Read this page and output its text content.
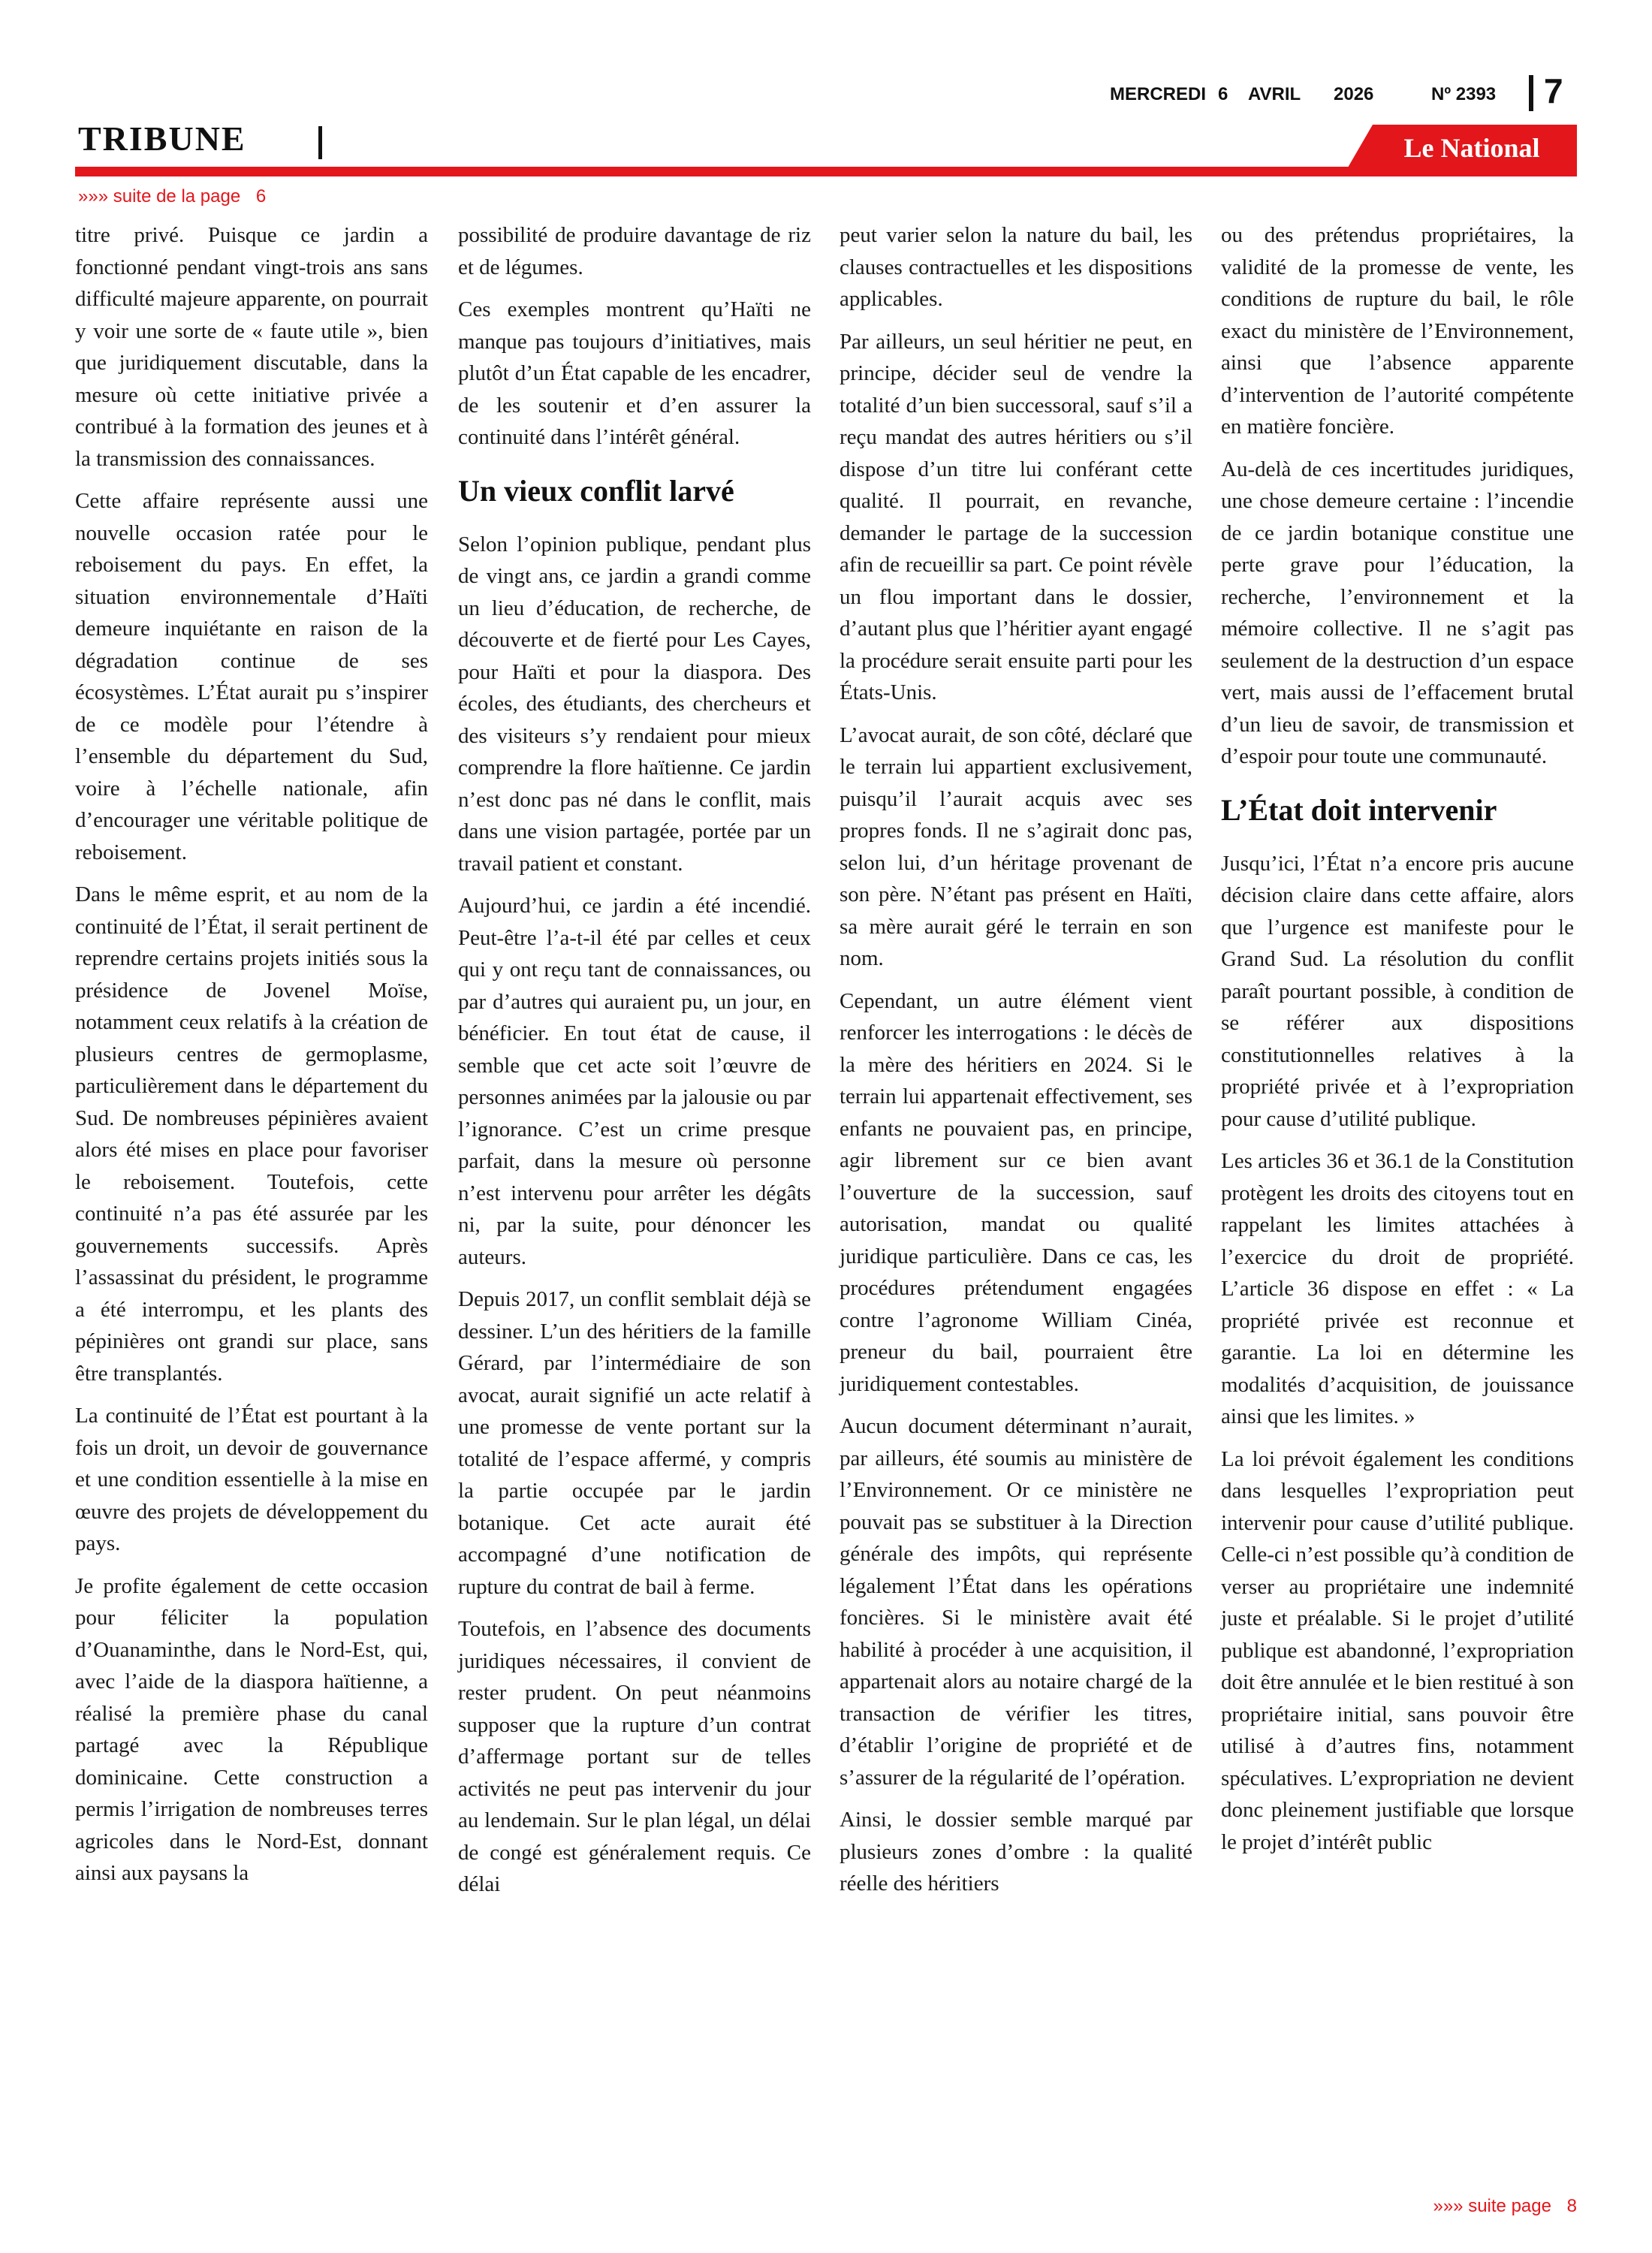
MERCREDI 6 AVRIL 2026	Nº 2393 7
TRIBUNE	Le National
»»» suite de la page 6

titre privé. Puisque ce jardin a fonctionné pendant vingt-trois ans sans difficulté majeure apparente, on pourrait y voir une sorte de « faute utile », bien que juridiquement discutable, dans la mesure où cette initiative privée a contribué à la formation des jeunes et à la transmission des connaissances.

Cette affaire représente aussi une nouvelle occasion ratée pour le reboisement du pays. En effet, la situation environnementale d’Haïti demeure inquiétante en raison de la dégradation continue de ses écosystèmes. L’État aurait pu s’inspirer de ce modèle pour l’étendre à l’ensemble du département du Sud, voire à l’échelle nationale, afin d’encourager une véritable politique de reboisement.

Dans le même esprit, et au nom de la continuité de l’État, il serait pertinent de reprendre certains projets initiés sous la présidence de Jovenel Moïse, notamment ceux relatifs à la création de plusieurs centres de germoplasme, particulièrement dans le département du Sud. De nombreuses pépinières avaient alors été mises en place pour favoriser le reboisement. Toutefois, cette continuité n’a pas été assurée par les gouvernements successifs. Après l’assassinat du président, le programme a été interrompu, et les plants des pépinières ont grandi sur place, sans être transplantés.

La continuité de l’État est pourtant à la fois un droit, un devoir de gouvernance et une condition essentielle à la mise en œuvre des projets de développement du pays.

Je profite également de cette occasion pour féliciter la population d’Ouanaminthe, dans le Nord-Est, qui, avec l’aide de la diaspora haïtienne, a réalisé la première phase du canal partagé avec la République dominicaine. Cette construction a permis l’irrigation de nombreuses terres agricoles dans le Nord-Est, donnant ainsi aux paysans la

possibilité de produire davantage de riz et de légumes.

Ces exemples montrent qu’Haïti ne manque pas toujours d’initiatives, mais plutôt d’un État capable de les encadrer, de les soutenir et d’en assurer la continuité dans l’intérêt général.

Un vieux conflit larvé

Selon l’opinion publique, pendant plus de vingt ans, ce jardin a grandi comme un lieu d’éducation, de recherche, de découverte et de fierté pour Les Cayes, pour Haïti et pour la diaspora. Des écoles, des étudiants, des chercheurs et des visiteurs s’y rendaient pour mieux comprendre la flore haïtienne. Ce jardin n’est donc pas né dans le conflit, mais dans une vision partagée, portée par un travail patient et constant.

Aujourd’hui, ce jardin a été incendié. Peut-être l’a-t-il été par celles et ceux qui y ont reçu tant de connaissances, ou par d’autres qui auraient pu, un jour, en bénéficier. En tout état de cause, il semble que cet acte soit l’œuvre de personnes animées par la jalousie ou par l’ignorance. C’est un crime presque parfait, dans la mesure où personne n’est intervenu pour arrêter les dégâts ni, par la suite, pour dénoncer les auteurs.

Depuis 2017, un conflit semblait déjà se dessiner. L’un des héritiers de la famille Gérard, par l’intermédiaire de son avocat, aurait signifié un acte relatif à une promesse de vente portant sur la totalité de l’espace affermé, y compris la partie occupée par le jardin botanique. Cet acte aurait été accompagné d’une notification de rupture du contrat de bail à ferme.

Toutefois, en l’absence des documents juridiques nécessaires, il convient de rester prudent. On peut néanmoins supposer que la rupture d’un contrat d’affermage portant sur de telles activités ne peut pas intervenir du jour au lendemain. Sur le plan légal, un délai de congé est généralement requis. Ce délai

peut varier selon la nature du bail, les clauses contractuelles et les dispositions applicables.

Par ailleurs, un seul héritier ne peut, en principe, décider seul de vendre la totalité d’un bien successoral, sauf s’il a reçu mandat des autres héritiers ou s’il dispose d’un titre lui conférant cette qualité. Il pourrait, en revanche, demander le partage de la succession afin de recueillir sa part. Ce point révèle un flou important dans le dossier, d’autant plus que l’héritier ayant engagé la procédure serait ensuite parti pour les États-Unis.

L’avocat aurait, de son côté, déclaré que le terrain lui appartient exclusivement, puisqu’il l’aurait acquis avec ses propres fonds. Il ne s’agirait donc pas, selon lui, d’un héritage provenant de son père. N’étant pas présent en Haïti, sa mère aurait géré le terrain en son nom.

Cependant, un autre élément vient renforcer les interrogations : le décès de la mère des héritiers en 2024. Si le terrain lui appartenait effectivement, ses enfants ne pouvaient pas, en principe, agir librement sur ce bien avant l’ouverture de la succession, sauf autorisation, mandat ou qualité juridique particulière. Dans ce cas, les procédures prétendument engagées contre l’agronome William Cinéa, preneur du bail, pourraient être juridiquement contestables.

Aucun document déterminant n’aurait, par ailleurs, été soumis au ministère de l’Environnement. Or ce ministère ne pouvait pas se substituer à la Direction générale des impôts, qui représente légalement l’État dans les opérations foncières. Si le ministère avait été habilité à procéder à une acquisition, il appartenait alors au notaire chargé de la transaction de vérifier les titres, d’établir l’origine de propriété et de s’assurer de la régularité de l’opération.

Ainsi, le dossier semble marqué par plusieurs zones d’ombre : la qualité réelle des héritiers

ou des prétendus propriétaires, la validité de la promesse de vente, les conditions de rupture du bail, le rôle exact du ministère de l’Environnement, ainsi que l’absence apparente d’intervention de l’autorité compétente en matière foncière.

Au-delà de ces incertitudes juridiques, une chose demeure certaine : l’incendie de ce jardin botanique constitue une perte grave pour l’éducation, la recherche, l’environnement et la mémoire collective. Il ne s’agit pas seulement de la destruction d’un espace vert, mais aussi de l’effacement brutal d’un lieu de savoir, de transmission et d’espoir pour toute une communauté.

L’État doit intervenir

Jusqu’ici, l’État n’a encore pris aucune décision claire dans cette affaire, alors que l’urgence est manifeste pour le Grand Sud. La résolution du conflit paraît pourtant possible, à condition de se référer aux dispositions constitutionnelles relatives à la propriété privée et à l’expropriation pour cause d’utilité publique.

Les articles 36 et 36.1 de la Constitution protègent les droits des citoyens tout en rappelant les limites attachées à l’exercice du droit de propriété. L’article 36 dispose en effet : « La propriété privée est reconnue et garantie. La loi en détermine les modalités d’acquisition, de jouissance ainsi que les limites. »

La loi prévoit également les conditions dans lesquelles l’expropriation peut intervenir pour cause d’utilité publique. Celle-ci n’est possible qu’à condition de verser au propriétaire une indemnité juste et préalable. Si le projet d’utilité publique est abandonné, l’expropriation doit être annulée et le bien restitué à son propriétaire initial, sans pouvoir être utilisé à d’autres fins, notamment spéculatives. L’expropriation ne devient donc pleinement justifiable que lorsque le projet d’intérêt public

»»» suite page 8
